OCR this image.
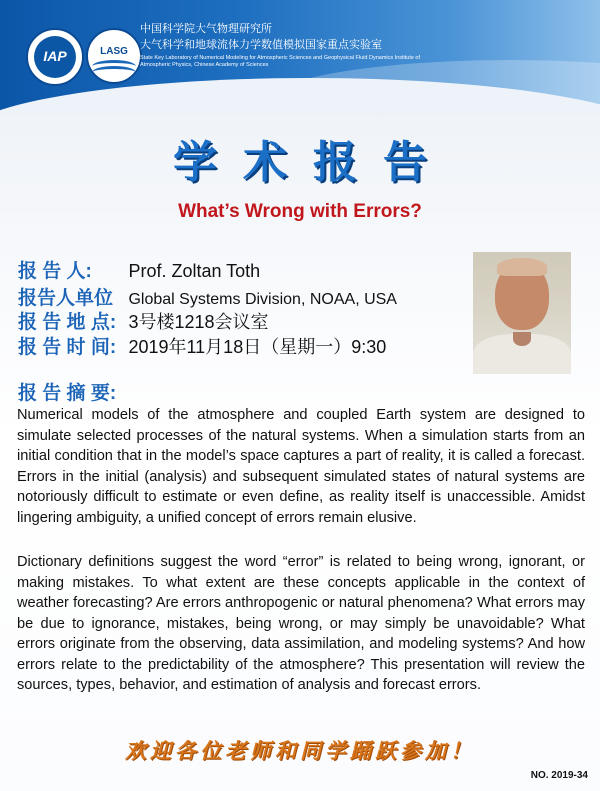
IAP	LASG
中国科学院大气物理研究所
大气科学和地球流体力学数值模拟国家重点实验室
State Key Laboratory of Numerical Modeling for Atmospheric Sciences and Geophysical Fluid Dynamics Institute of Atmospheric Physics, Chinese Academy of Sciences
学术报告
What’s Wrong with Errors?
报 告 人: Prof. Zoltan Toth
报告人单位 Global Systems Division, NOAA, USA
报 告 地 点: 3号楼1218会议室
报 告 时 间: 2019年11月18日（星期一）9:30
报 告 摘 要:
Numerical models of the atmosphere and coupled Earth system are designed to simulate selected processes of the natural systems. When a simulation starts from an initial condition that in the model’s space captures a part of reality, it is called a forecast. Errors in the initial (analysis) and subsequent simulated states of natural systems are notoriously difficult to estimate or even define, as reality itself is unaccessible. Amidst lingering ambiguity, a unified concept of errors remain elusive.
Dictionary definitions suggest the word “error” is related to being wrong, ignorant, or making mistakes. To what extent are these concepts applicable in the context of weather forecasting? Are errors anthropogenic or natural phenomena? What errors may be due to ignorance, mistakes, being wrong, or may simply be unavoidable? What errors originate from the observing, data assimilation, and modeling systems? And how errors relate to the predictability of the atmosphere? This presentation will review the sources, types, behavior, and estimation of analysis and forecast errors.
欢迎各位老师和同学踊跃参加！
NO. 2019-34
